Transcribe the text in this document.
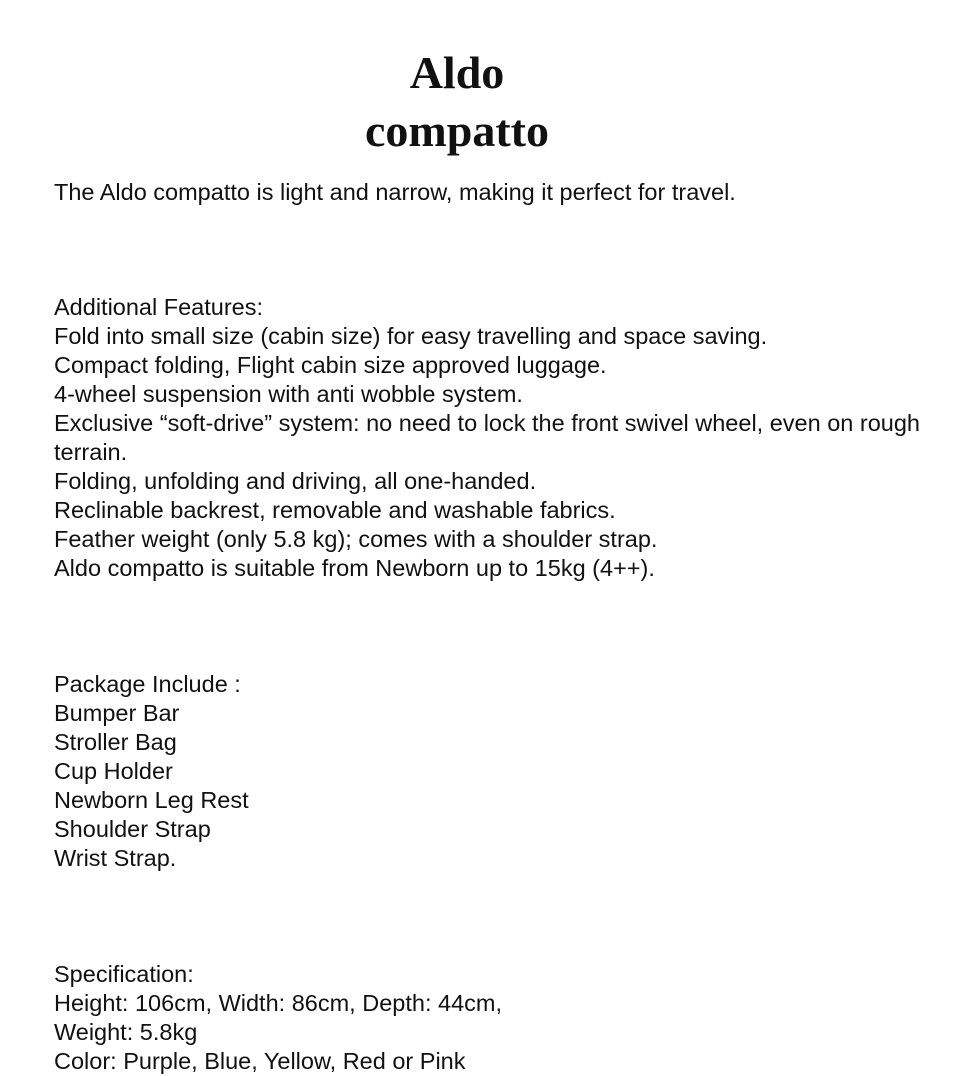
Aldo
compatto

The Aldo compatto is light and narrow, making it perfect for travel.

Additional Features:
Fold into small size (cabin size) for easy travelling and space saving.
Compact folding, Flight cabin size approved luggage.
4-wheel suspension with anti wobble system.
Exclusive “soft-drive” system: no need to lock the front swivel wheel, even on rough terrain.
Folding, unfolding and driving, all one-handed.
Reclinable backrest, removable and washable fabrics.
Feather weight (only 5.8 kg); comes with a shoulder strap.
Aldo compatto is suitable from Newborn up to 15kg (4++).
Package Include :
Bumper Bar
Stroller Bag
Cup Holder
Newborn Leg Rest
Shoulder Strap
Wrist Strap.
Specification:
Height: 106cm, Width: 86cm, Depth: 44cm,
Weight: 5.8kg
Color: Purple, Blue, Yellow, Red or Pink
